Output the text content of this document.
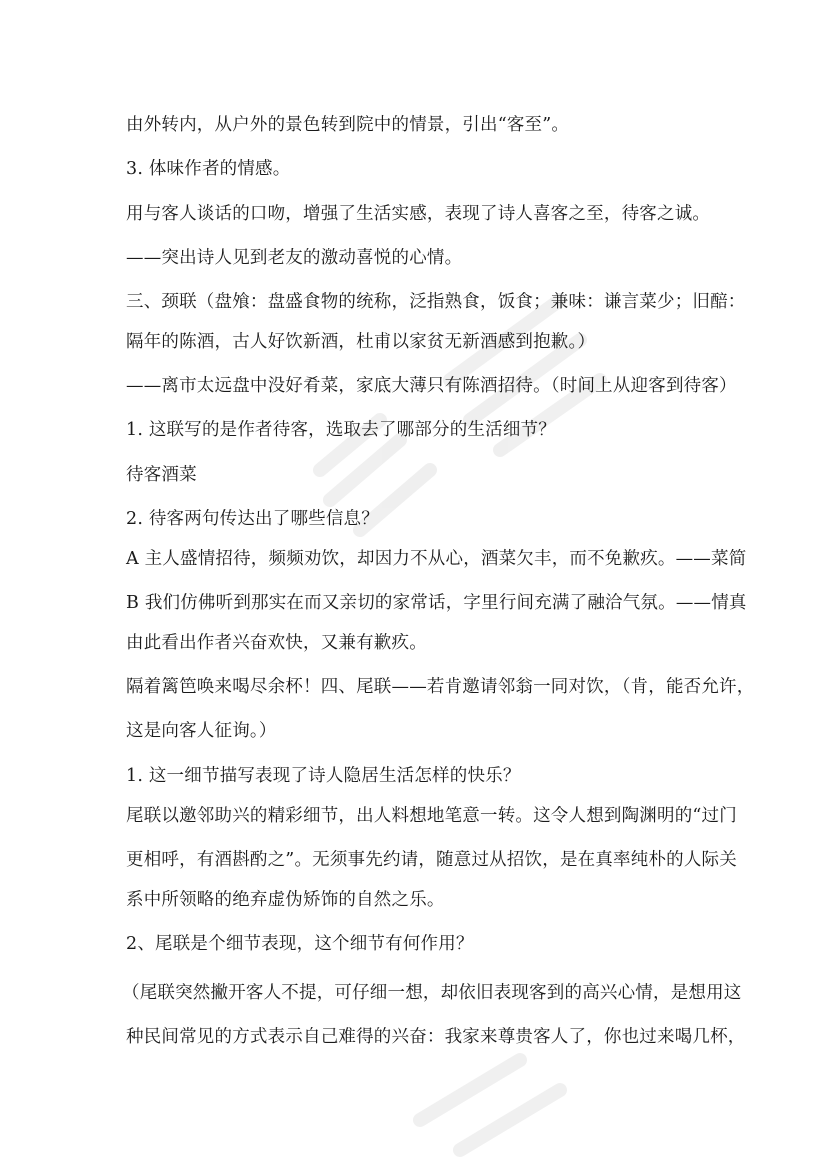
由外转内，从户外的景色转到院中的情景，引出“客至”。
3. 体味作者的情感。
用与客人谈话的口吻，增强了生活实感，表现了诗人喜客之至，待客之诚。
——突出诗人见到老友的激动喜悦的心情。
三、颈联（盘飧：盘盛食物的统称，泛指熟食，饭食；兼味：谦言菜少；旧醅：
隔年的陈酒，古人好饮新酒，杜甫以家贫无新酒感到抱歉。）
——离市太远盘中没好肴菜，家底大薄只有陈酒招待。（时间上从迎客到待客）
1. 这联写的是作者待客，选取去了哪部分的生活细节？
待客酒菜
2. 待客两句传达出了哪些信息？
A 主人盛情招待，频频劝饮，却因力不从心，酒菜欠丰，而不免歉疚。——菜简
B 我们仿佛听到那实在而又亲切的家常话，字里行间充满了融洽气氛。——情真
由此看出作者兴奋欢快，又兼有歉疚。
隔着篱笆唤来喝尽余杯！四、尾联——若肯邀请邻翁一同对饮，（肯，能否允许，
这是向客人征询。）
1. 这一细节描写表现了诗人隐居生活怎样的快乐？
尾联以邀邻助兴的精彩细节，出人料想地笔意一转。这令人想到陶渊明的“过门
更相呼，有酒斟酌之”。无须事先约请，随意过从招饮，是在真率纯朴的人际关
系中所领略的绝弃虚伪矫饰的自然之乐。
2、尾联是个细节表现，这个细节有何作用？
（尾联突然撇开客人不提，可仔细一想，却依旧表现客到的高兴心情，是想用这
种民间常见的方式表示自己难得的兴奋：我家来尊贵客人了，你也过来喝几杯，
